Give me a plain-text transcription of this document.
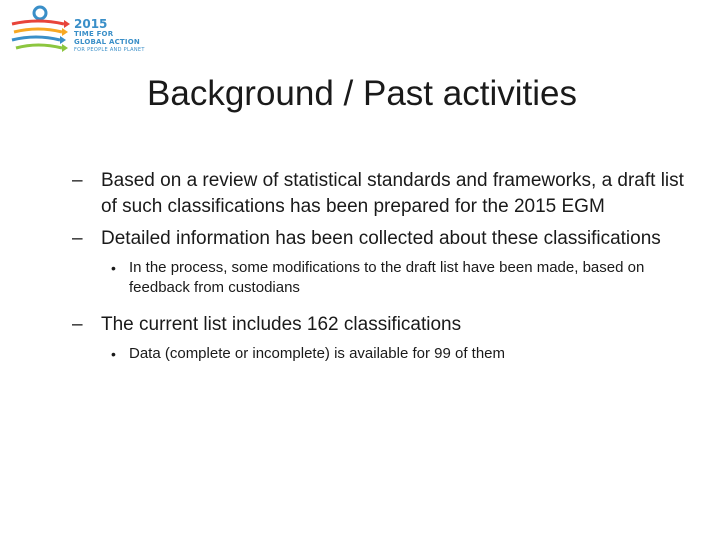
2015
TIME FOR
GLOBAL ACTION
FOR PEOPLE AND PLANET
Background / Past activities
– Based on a review of statistical standards and frameworks, a draft list of such classifications has been prepared for the 2015 EGM
– Detailed information has been collected about these classifications
• In the process, some modifications to the draft list have been made, based on feedback from custodians
– The current list includes 162 classifications
• Data (complete or incomplete) is available for 99 of them
